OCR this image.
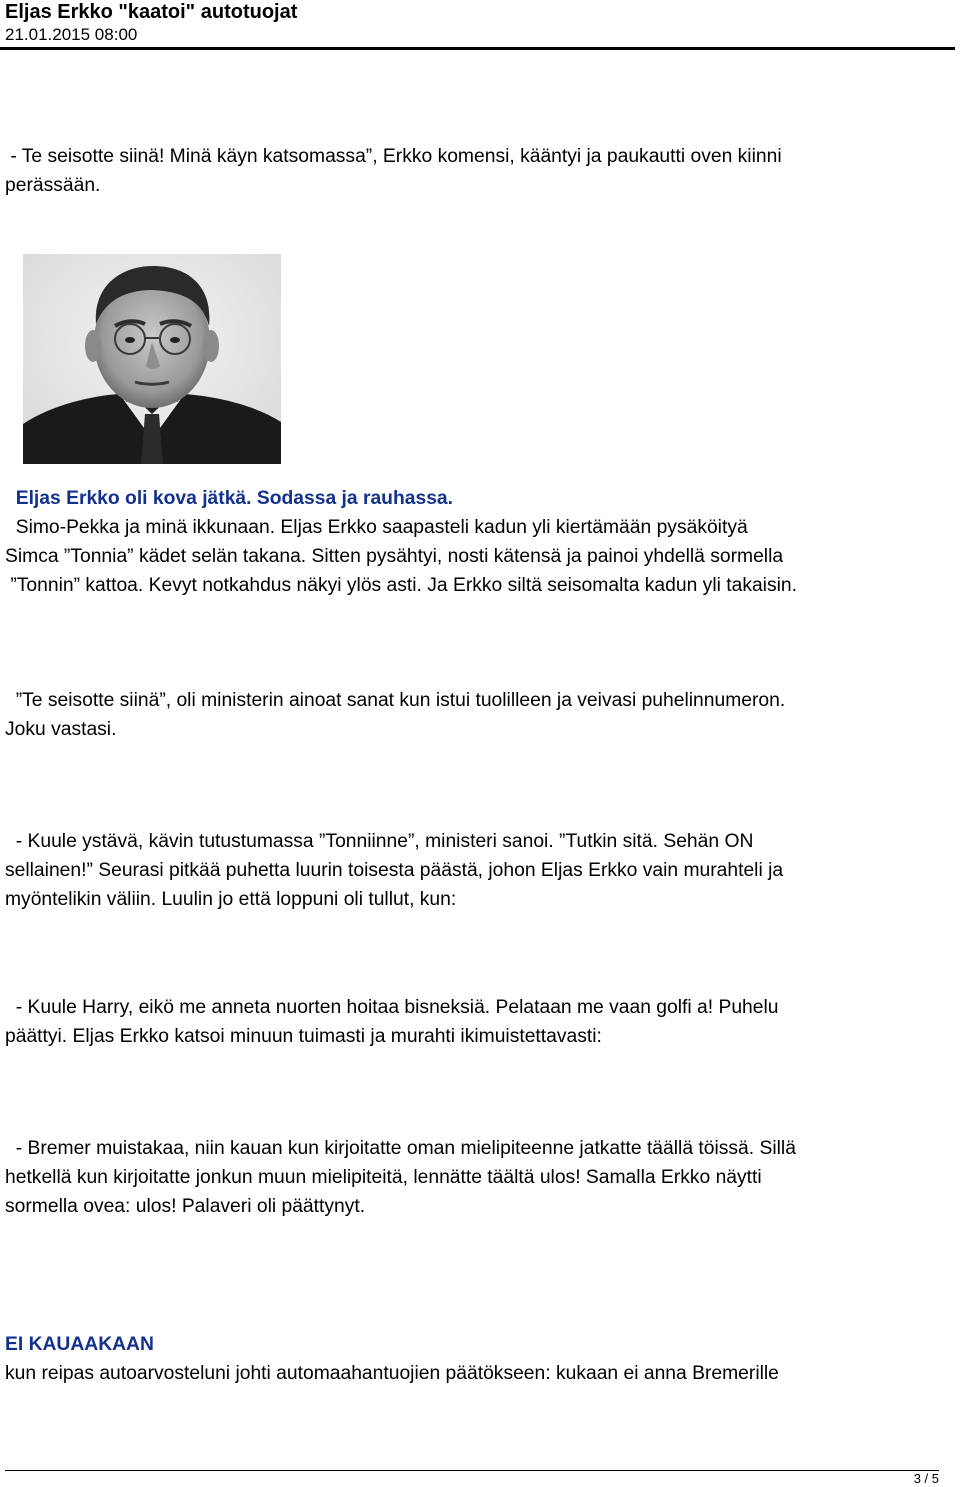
Eljas Erkko "kaatoi" autotuojat
21.01.2015 08:00

- Te seisotte siinä! Minä käyn katsomassa”, Erkko komensi, kääntyi ja paukautti oven kiinni

perässään.

Eljas Erkko oli kova jätkä. Sodassa ja rauhassa.

Simo-Pekka ja minä ikkunaan. Eljas Erkko saapasteli kadun yli kiertämään pysäköityä

Simca ”Tonnia” kädet selän takana. Sitten pysähtyi, nosti kätensä ja painoi yhdellä sormella

”Tonnin” kattoa. Kevyt notkahdus näkyi ylös asti. Ja Erkko siltä seisomalta kadun yli takaisin.

”Te seisotte siinä”, oli ministerin ainoat sanat kun istui tuolilleen ja veivasi puhelinnumeron.

Joku vastasi.

- Kuule ystävä, kävin tutustumassa ”Tonniinne”, ministeri sanoi. ”Tutkin sitä. Sehän ON

sellainen!” Seurasi pitkää puhetta luurin toisesta päästä, johon Eljas Erkko vain murahteli ja

myöntelikin väliin. Luulin jo että loppuni oli tullut, kun:

- Kuule Harry, eikö me anneta nuorten hoitaa bisneksiä. Pelataan me vaan golfi a! Puhelu

päättyi. Eljas Erkko katsoi minuun tuimasti ja murahti ikimuistettavasti:

- Bremer muistakaa, niin kauan kun kirjoitatte oman mielipiteenne jatkatte täällä töissä. Sillä

hetkellä kun kirjoitatte jonkun muun mielipiteitä, lennätte täältä ulos! Samalla Erkko näytti

sormella ovea: ulos! Palaveri oli päättynyt.

EI KAUAAKAAN

kun reipas autoarvosteluni johti automaahantuojien päätökseen: kukaan ei anna Bremerille

3 / 5
